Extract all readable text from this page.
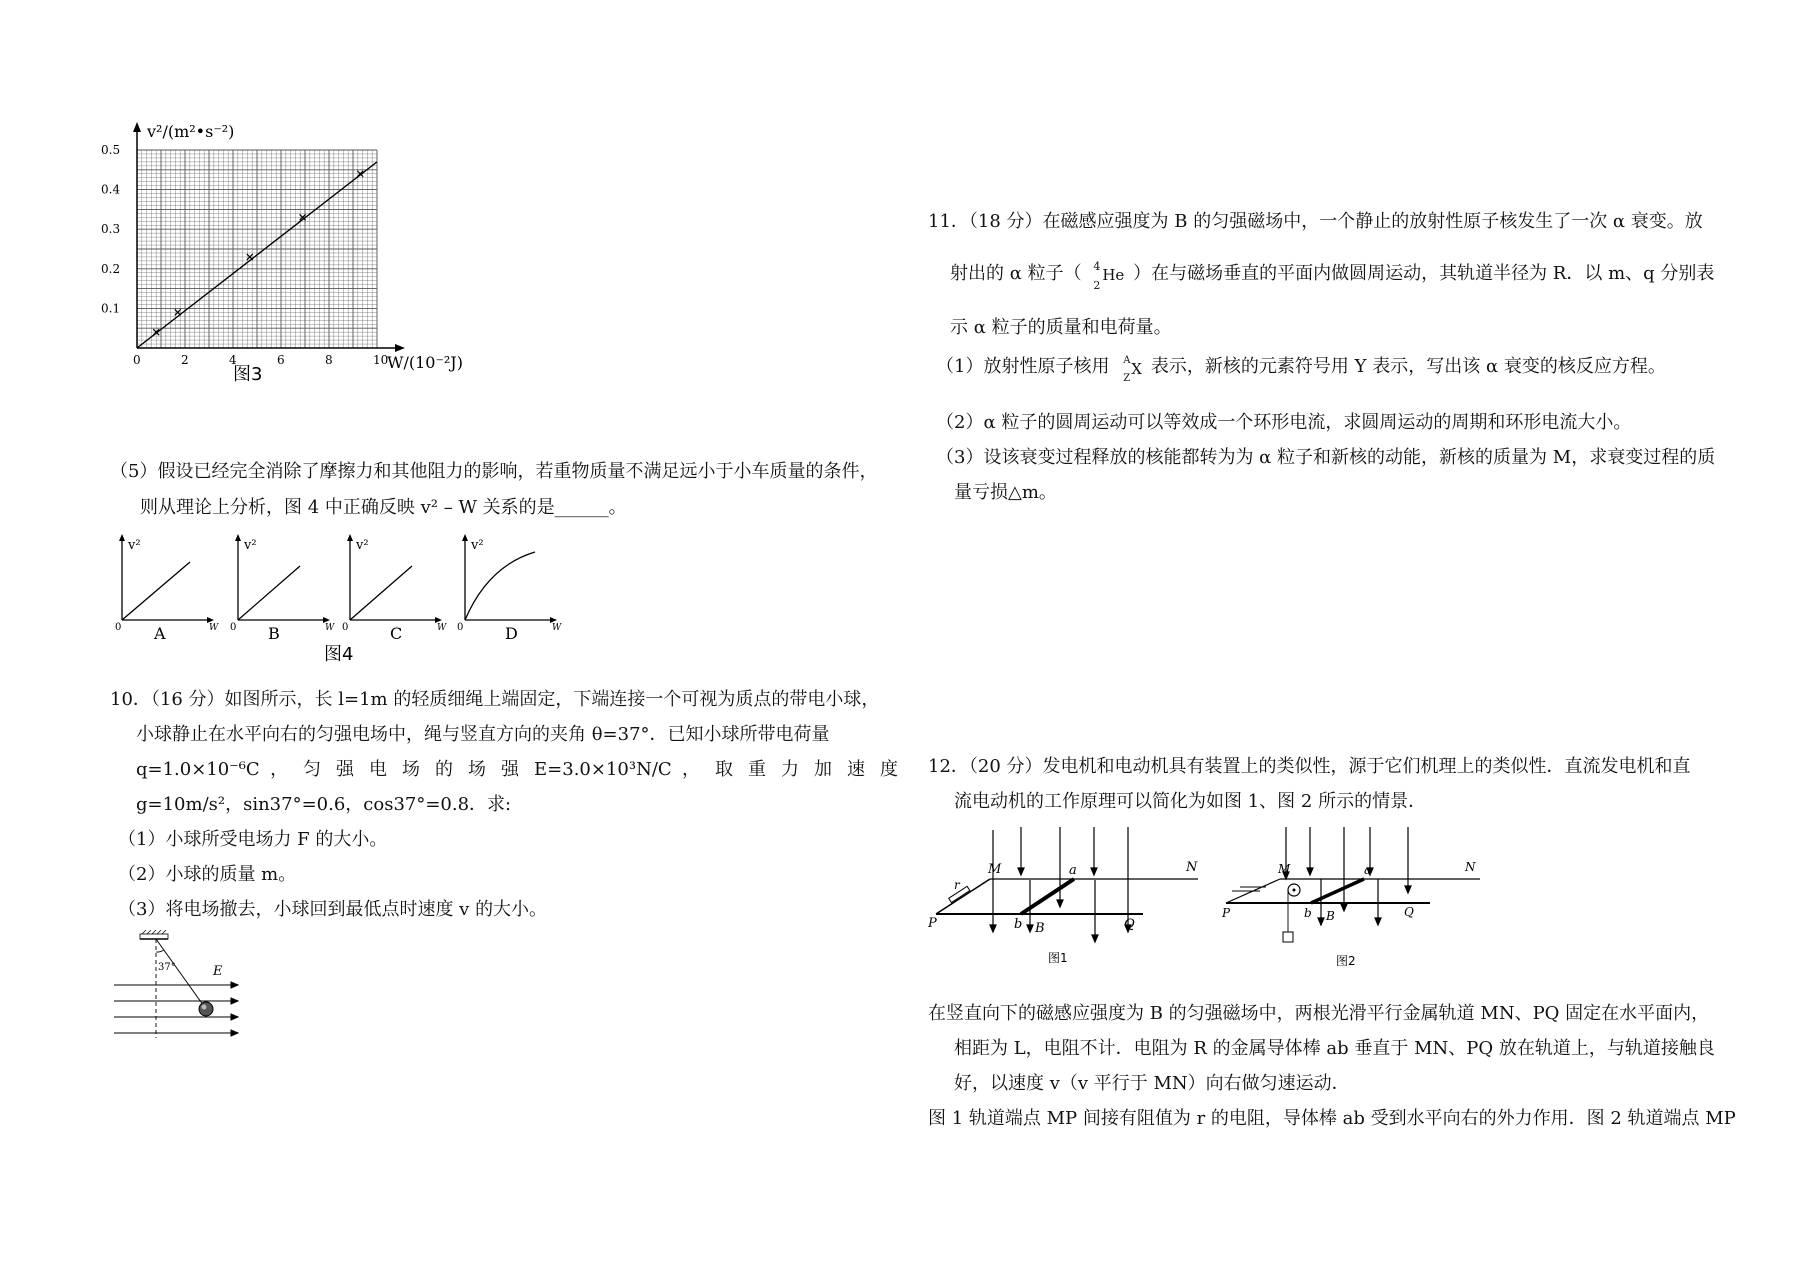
0.5
0.4
0.3
0.2
0.1
0	2	4	6	8	10
v²/(m²•s⁻²)
W/(10⁻²J)
图3
（5）假设已经完全消除了摩擦力和其他阻力的影响，若重物质量不满足远小于小车质量的条件，
则从理论上分析，图 4 中正确反映 v² – W 关系的是______。
v²
W
0 A
v²
W
0 B
v²
W
0	C
v²
W
0	D
图4
10．（16 分）如图所示，长 l=1m 的轻质细绳上端固定，下端连接一个可视为质点的带电小球，
小球静止在水平向右的匀强电场中，绳与竖直方向的夹角 θ=37°．已知小球所带电荷量
q=1.0×10⁻⁶C ， 匀 强 电 场 的 场 强 E=3.0×10³N/C ， 取 重 力 加 速 度
g=10m/s²，sin37°=0.6，cos37°=0.8．求:
（1）小球所受电场力 F 的大小。
（2）小球的质量 m。
（3）将电场撤去，小球回到最低点时速度 v 的大小。
37°	E
11．（18 分）在磁感应强度为 B 的匀强磁场中，一个静止的放射性原子核发生了一次 α 衰变。放
射出的 α 粒子（ 4
2
He ）在与磁场垂直的平面内做圆周运动，其轨道半径为 R．以 m、q 分别表
示 α 粒子的质量和电荷量。
（1）放射性原子核用 A
Z
X 表示，新核的元素符号用 Y 表示，写出该 α 衰变的核反应方程。
（2）α 粒子的圆周运动可以等效成一个环形电流，求圆周运动的周期和环形电流大小。
（3）设该衰变过程释放的核能都转为为 α 粒子和新核的动能，新核的质量为 M，求衰变过程的质
量亏损△m。
12．（20 分）发电机和电动机具有装置上的类似性，源于它们机理上的类似性．直流发电机和直
流电动机的工作原理可以简化为如图 1、图 2 所示的情景．
M	N
P	Q
a
b B
r
图1
M	N
P	Q
a
b B
图2
在竖直向下的磁感应强度为 B 的匀强磁场中，两根光滑平行金属轨道 MN、PQ 固定在水平面内，
相距为 L，电阻不计．电阻为 R 的金属导体棒 ab 垂直于 MN、PQ 放在轨道上，与轨道接触良
好，以速度 v（v 平行于 MN）向右做匀速运动．
图 1 轨道端点 MP 间接有阻值为 r 的电阻，导体棒 ab 受到水平向右的外力作用．图 2 轨道端点 MP
